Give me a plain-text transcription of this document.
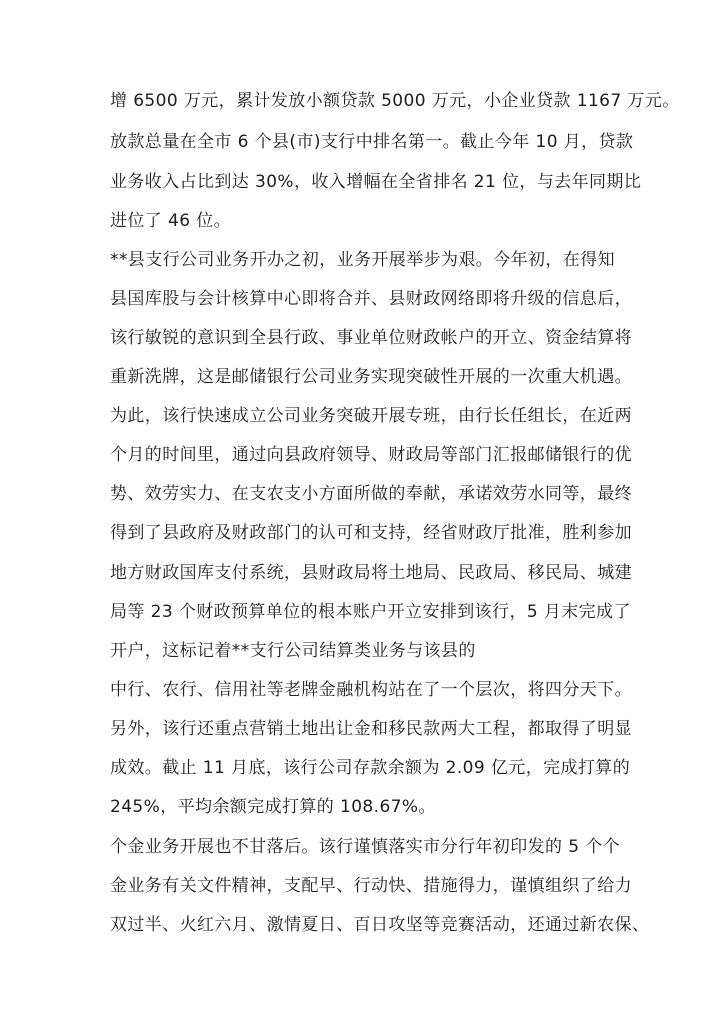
增 6500 万元，累计发放小额贷款 5000 万元，小企业贷款 1167 万元。
放款总量在全市 6 个县(市)支行中排名第一。截止今年 10 月，贷款
业务收入占比到达 30%，收入增幅在全省排名 21 位，与去年同期比
进位了 46 位。
**县支行公司业务开办之初，业务开展举步为艰。今年初，在得知
县国库股与会计核算中心即将合并、县财政网络即将升级的信息后，
该行敏锐的意识到全县行政、事业单位财政帐户的开立、资金结算将
重新洗牌，这是邮储银行公司业务实现突破性开展的一次重大机遇。
为此，该行快速成立公司业务突破开展专班，由行长任组长，在近两
个月的时间里，通过向县政府领导、财政局等部门汇报邮储银行的优
势、效劳实力、在支农支小方面所做的奉献，承诺效劳水同等，最终
得到了县政府及财政部门的认可和支持，经省财政厅批准，胜利参加
地方财政国库支付系统，县财政局将土地局、民政局、移民局、城建
局等 23 个财政预算单位的根本账户开立安排到该行，5 月末完成了
开户，这标记着**支行公司结算类业务与该县的
中行、农行、信用社等老牌金融机构站在了一个层次，将四分天下。
另外，该行还重点营销土地出让金和移民款两大工程，都取得了明显
成效。截止 11 月底，该行公司存款余额为 2.09 亿元，完成打算的
245%，平均余额完成打算的 108.67%。
个金业务开展也不甘落后。该行谨慎落实市分行年初印发的 5 个个
金业务有关文件精神，支配早、行动快、措施得力，谨慎组织了给力
双过半、火红六月、激情夏日、百日攻坚等竞赛活动，还通过新农保、
